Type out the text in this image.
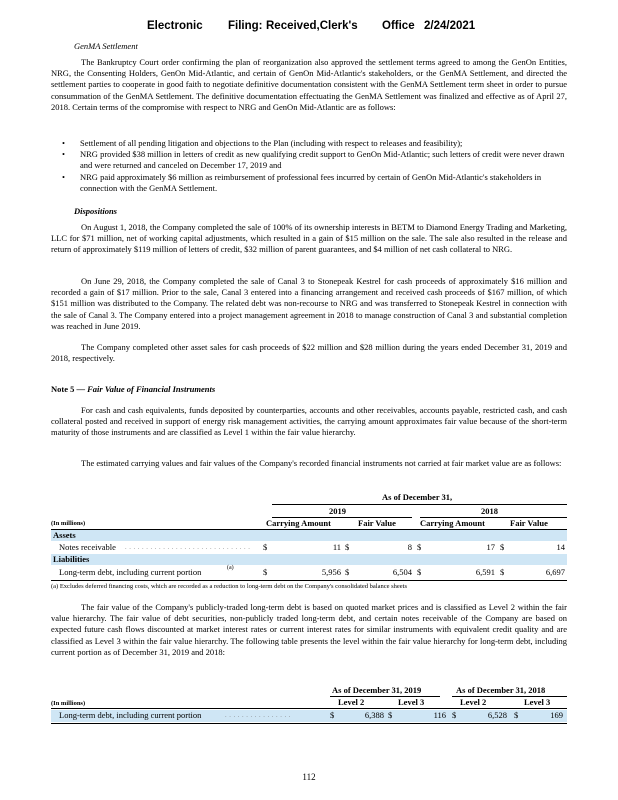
Electronic Filing: Received,Clerk's Office 2/24/2021
GenMA Settlement

The Bankruptcy Court order confirming the plan of reorganization also approved the settlement terms agreed to among the GenOn Entities, NRG, the Consenting Holders, GenOn Mid-Atlantic, and certain of GenOn Mid-Atlantic's stakeholders, or the GenMA Settlement, and directed the settlement parties to cooperate in good faith to negotiate definitive documentation consistent with the GenMA Settlement term sheet in order to pursue consummation of the GenMA Settlement. The definitive documentation effectuating the GenMA Settlement was finalized and effective as of April 27, 2018. Certain terms of the compromise with respect to NRG and GenOn Mid-Atlantic are as follows:

• Settlement of all pending litigation and objections to the Plan (including with respect to releases and feasibility);
• NRG provided $38 million in letters of credit as new qualifying credit support to GenOn Mid-Atlantic; such letters of credit were never drawn and were returned and canceled on December 17, 2019 and
• NRG paid approximately $6 million as reimbursement of professional fees incurred by certain of GenOn Mid-Atlantic's stakeholders in connection with the GenMA Settlement.
Dispositions

On August 1, 2018, the Company completed the sale of 100% of its ownership interests in BETM to Diamond Energy Trading and Marketing, LLC for $71 million, net of working capital adjustments, which resulted in a gain of $15 million on the sale. The sale also resulted in the release and return of approximately $119 million of letters of credit, $32 million of parent guarantees, and $4 million of net cash collateral to NRG.

On June 29, 2018, the Company completed the sale of Canal 3 to Stonepeak Kestrel for cash proceeds of approximately $16 million and recorded a gain of $17 million. Prior to the sale, Canal 3 entered into a financing arrangement and received cash proceeds of $167 million, of which $151 million was distributed to the Company. The related debt was non-recourse to NRG and was transferred to Stonepeak Kestrel in connection with the sale of Canal 3. The Company entered into a project management agreement in 2018 to manage construction of Canal 3 and substantial completion was reached in June 2019.

The Company completed other asset sales for cash proceeds of $22 million and $28 million during the years ended December 31, 2019 and 2018, respectively.

Note 5 — Fair Value of Financial Instruments

For cash and cash equivalents, funds deposited by counterparties, accounts and other receivables, accounts payable, restricted cash, and cash collateral posted and received in support of energy risk management activities, the carrying amount approximates fair value because of the short-term maturity of those instruments and are classified as Level 1 within the fair value hierarchy.

The estimated carrying values and fair values of the Company's recorded financial instruments not carried at fair market value are as follows:

As of December 31,
2019	2018
(In millions)	Carrying Amount	Fair Value	Carrying Amount	Fair Value
Assets
Notes receivable . . . . . . . . . . . . . . . . . . . . . . . . . . . . . . $	11 $	8 $	17 $	14
Liabilities
Long-term debt, including current portion	(a)	$	5,956 $	6,504 $	6,591 $	6,697
(a) Excludes deferred financing costs, which are recorded as a reduction to long-term debt on the Company's consolidated balance sheets

The fair value of the Company's publicly-traded long-term debt is based on quoted market prices and is classified as Level 2 within the fair value hierarchy. The fair value of debt securities, non-publicly traded long-term debt, and certain notes receivable of the Company are based on expected future cash flows discounted at market interest rates or current interest rates for similar instruments with equivalent credit quality and are classified as Level 3 within the fair value hierarchy. The following table presents the level within the fair value hierarchy for long-term debt, including current portion as of December 31, 2019 and 2018:

As of December 31, 2019	As of December 31, 2018
(In millions)	Level 2	Level 3	Level 2	Level 3
Long-term debt, including current portion	. . . . . . . . . . . . . . . .	$	6,388 $	116 $	6,528 $	169
112
